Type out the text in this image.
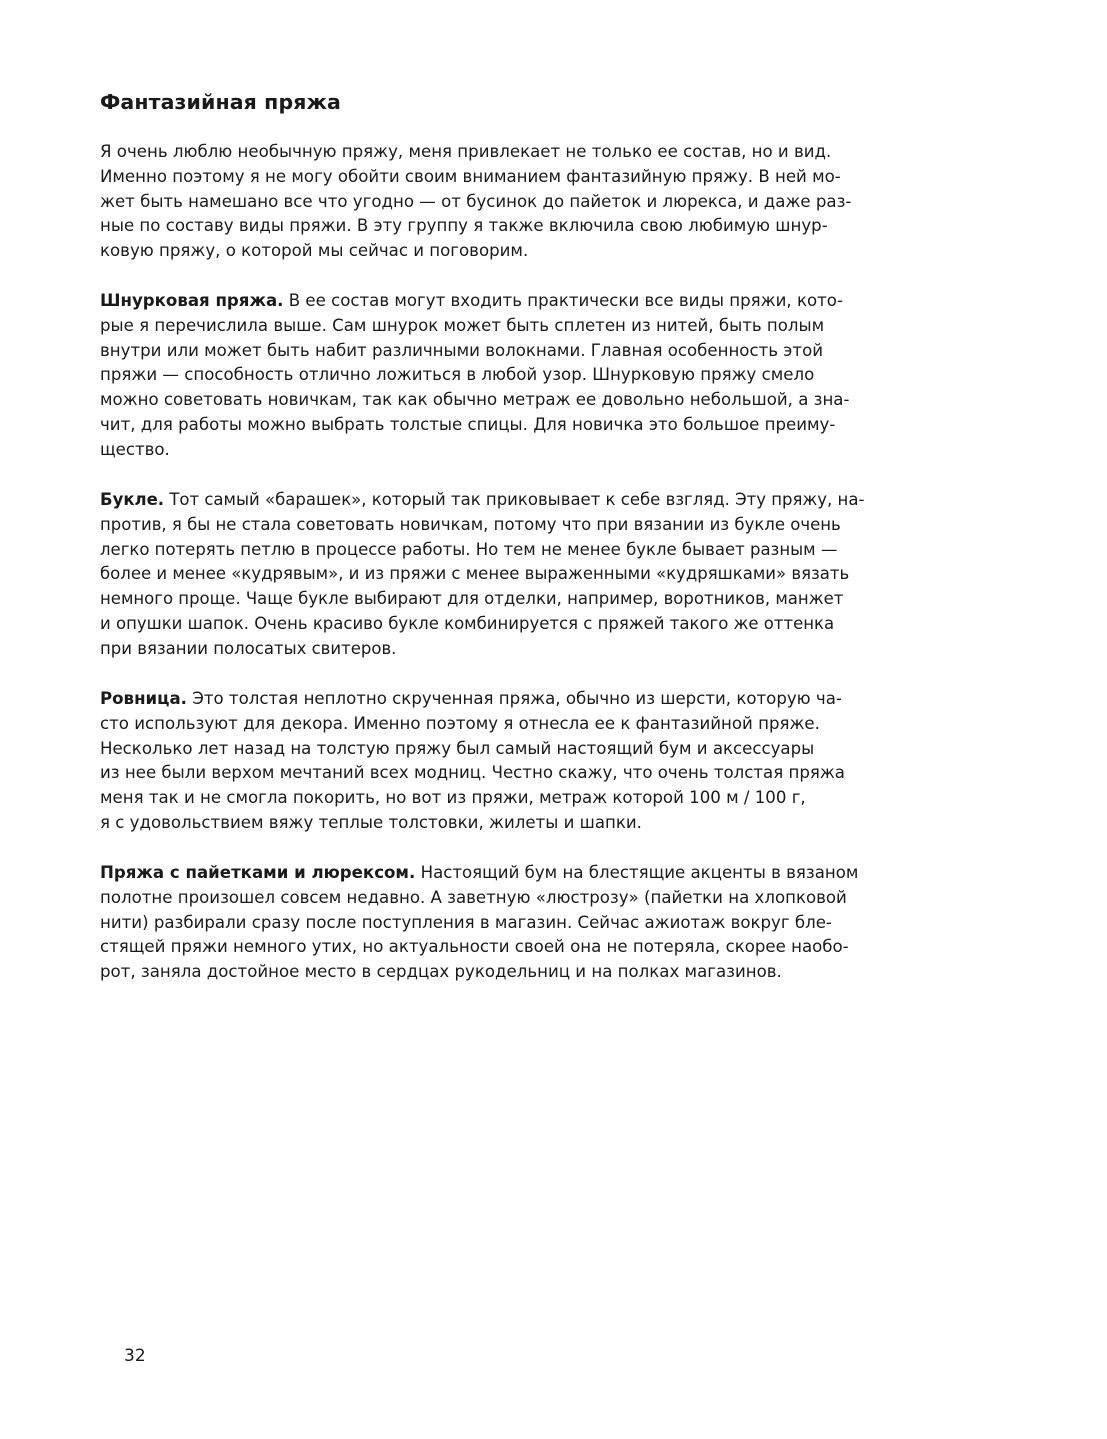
Фантазийная пряжа

Я очень люблю необычную пряжу, меня привлекает не только ее состав, но и вид.
Именно поэтому я не могу обойти своим вниманием фантазийную пряжу. В ней мо-
жет быть намешано все что угодно — от бусинок до пайеток и люрекса, и даже раз-
ные по составу виды пряжи. В эту группу я также включила свою любимую шнур-
ковую пряжу, о которой мы сейчас и поговорим.

Шнурковая пряжа. В ее состав могут входить практически все виды пряжи, кото-
рые я перечислила выше. Сам шнурок может быть сплетен из нитей, быть полым
внутри или может быть набит различными волокнами. Главная особенность этой
пряжи — способность отлично ложиться в любой узор. Шнурковую пряжу смело
можно советовать новичкам, так как обычно метраж ее довольно небольшой, а зна-
чит, для работы можно выбрать толстые спицы. Для новичка это большое преиму-
щество.

Букле. Тот самый «барашек», который так приковывает к себе взгляд. Эту пряжу, на-
против, я бы не стала советовать новичкам, потому что при вязании из букле очень
легко потерять петлю в процессе работы. Но тем не менее букле бывает разным —
более и менее «кудрявым», и из пряжи с менее выраженными «кудряшками» вязать
немного проще. Чаще букле выбирают для отделки, например, воротников, манжет
и опушки шапок. Очень красиво букле комбинируется с пряжей такого же оттенка
при вязании полосатых свитеров.

Ровница. Это толстая неплотно скрученная пряжа, обычно из шерсти, которую ча-
сто используют для декора. Именно поэтому я отнесла ее к фантазийной пряже.
Несколько лет назад на толстую пряжу был самый настоящий бум и аксессуары
из нее были верхом мечтаний всех модниц. Честно скажу, что очень толстая пряжа
меня так и не смогла покорить, но вот из пряжи, метраж которой 100 м / 100 г,
я с удовольствием вяжу теплые толстовки, жилеты и шапки.

Пряжа с пайетками и люрексом. Настоящий бум на блестящие акценты в вязаном
полотне произошел совсем недавно. А заветную «люстрозу» (пайетки на хлопковой
нити) разбирали сразу после поступления в магазин. Сейчас ажиотаж вокруг бле-
стящей пряжи немного утих, но актуальности своей она не потеряла, скорее наобо-
рот, заняла достойное место в сердцах рукодельниц и на полках магазинов.

32
